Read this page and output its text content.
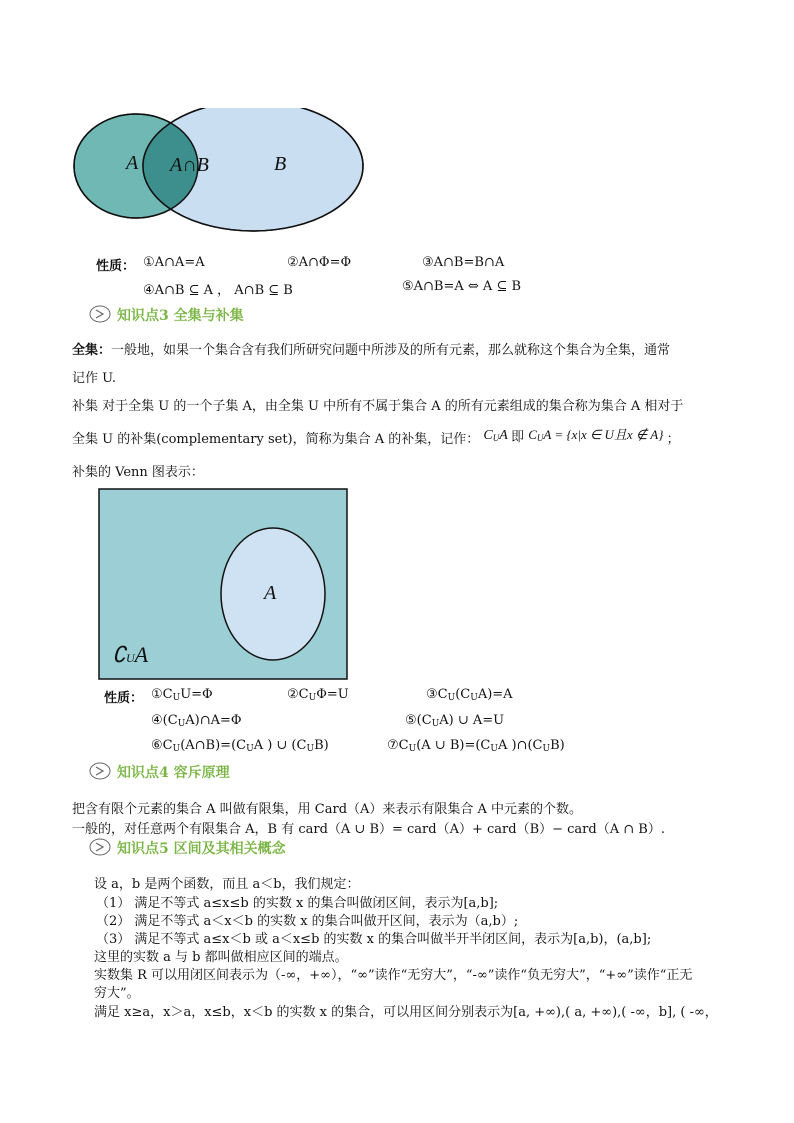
A A∩B	B
性质： ①A∩A=A	②A∩Φ=Φ	③A∩B=B∩A
④A∩B ⊆ A ， A∩B ⊆ B	⑤A∩B=A ⇔ A ⊆ B
知识点3 全集与补集
全集：一般地，如果一个集合含有我们所研究问题中所涉及的所有元素，那么就称这个集合为全集，通常
记作 U.
补集 对于全集 U 的一个子集 A，由全集 U 中所有不属于集合 A 的所有元素组成的集合称为集合 A 相对于
全集 U 的补集(complementary set)，简称为集合 A 的补集，记作： $C_UA$ 即 $C_UA = \{x|x$ ∈ U且x ∉ A} ；
补集的 Venn 图表示：
A
∁UA
性质： $①C_UU=\Phi$	$②C_U\Phi=U$	$③C_U(C_UA)=A$
$④(C_UA)\cap A=\Phi$	$⑤(C_UA)$ ∪ A=U
$⑥C_U(A\cap B)=(C_UA$ ) ∪ $(C_UB)$	$⑦C_U(A$ ∪ $B)=(C_UA$ )$\cap(C_UB)$
知识点4 容斥原理
把含有限个元素的集合 A 叫做有限集，用 Card（A）来表示有限集合 A 中元素的个数。
一般的，对任意两个有限集合 A，B 有 card（A ∪ B）= card（A）+ card（B）− card（A ∩ B）.
知识点5 区间及其相关概念
设 a，b 是两个函数，而且 a＜b，我们规定：
（1） 满足不等式 a≤x≤b 的实数 x 的集合叫做闭区间，表示为[a,b];
（2） 满足不等式 a＜x＜b 的实数 x 的集合叫做开区间，表示为（a,b）;
（3） 满足不等式 a≤x＜b 或 a＜x≤b 的实数 x 的集合叫做半开半闭区间，表示为[a,b)，(a,b];
这里的实数 a 与 b 都叫做相应区间的端点。
实数集 R 可以用闭区间表示为（-∞，+∞），“∞”读作“无穷大”，“-∞”读作“负无穷大”，“+∞”读作“正无
穷大”。
满足 x≥a，x＞a，x≤b，x＜b 的实数 x 的集合，可以用区间分别表示为[a, +∞),( a, +∞),( -∞，b], ( -∞，
